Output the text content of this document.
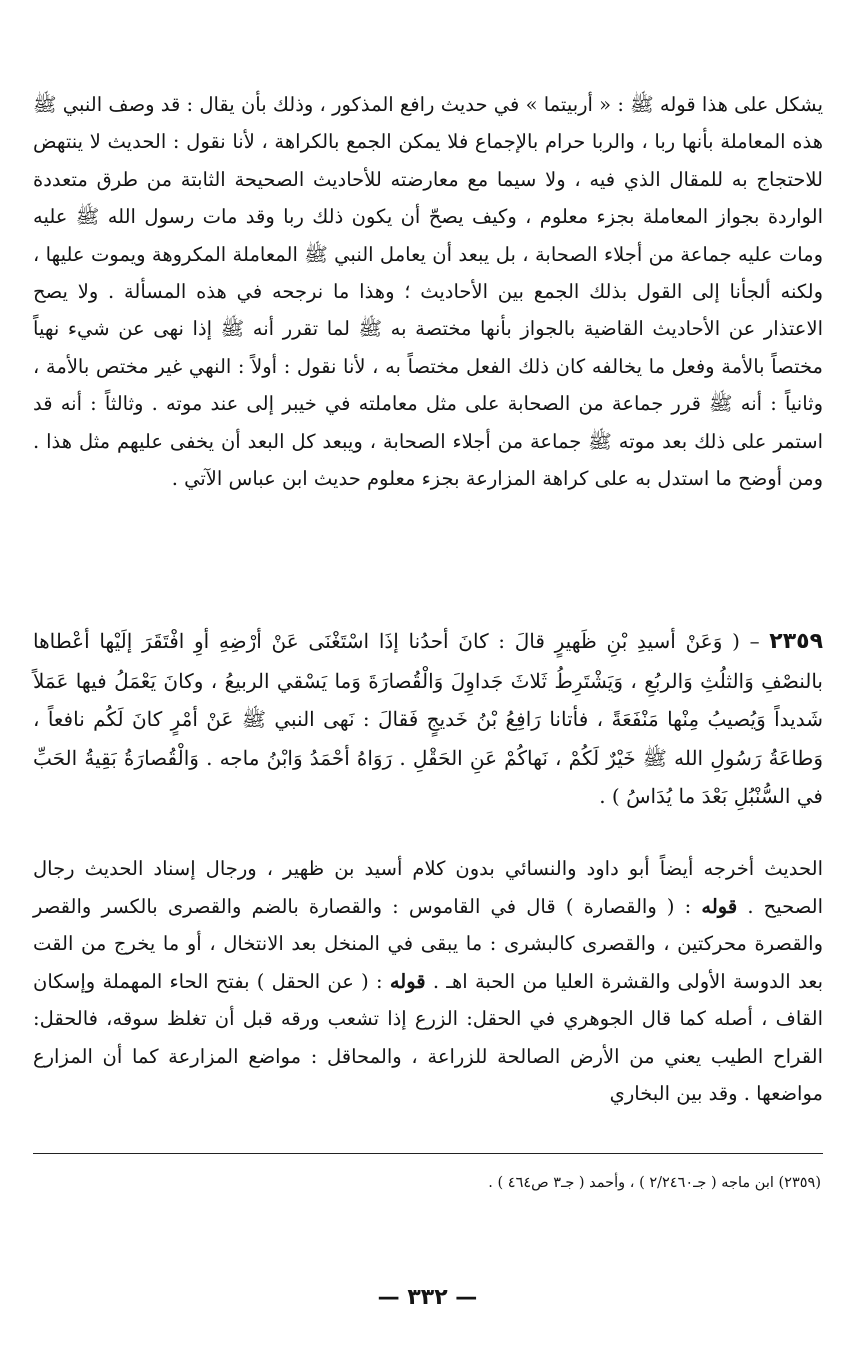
يشكل على هذا قوله ﷺ : « أربيتما » في حديث رافع المذكور ، وذلك بأن يقال : قد وصف النبي ﷺ هذه المعاملة بأنها ربا ، والربا حرام بالإجماع فلا يمكن الجمع بالكراهة ، لأنا نقول : الحديث لا ينتهض للاحتجاج به للمقال الذي فيه ، ولا سيما مع معارضته للأحاديث الصحيحة الثابتة من طرق متعددة الواردة بجواز المعاملة بجزء معلوم ، وكيف يصحّ أن يكون ذلك ربا وقد مات رسول الله ﷺ عليه ومات عليه جماعة من أجلاء الصحابة ، بل يبعد أن يعامل النبي ﷺ المعاملة المكروهة ويموت عليها ، ولكنه ألجأنا إلى القول بذلك الجمع بين الأحاديث ؛ وهذا ما نرجحه في هذه المسألة . ولا يصح الاعتذار عن الأحاديث القاضية بالجواز بأنها مختصة به ﷺ لما تقرر أنه ﷺ إذا نهى عن شيء نهياً مختصاً بالأمة وفعل ما يخالفه كان ذلك الفعل مختصاً به ، لأنا نقول : أولاً : النهي غير مختص بالأمة ، وثانياً : أنه ﷺ قرر جماعة من الصحابة على مثل معاملته في خيبر إلى عند موته . وثالثاً : أنه قد استمر على ذلك بعد موته ﷺ جماعة من أجلاء الصحابة ، ويبعد كل البعد أن يخفى عليهم مثل هذا . ومن أوضح ما استدل به على كراهة المزارعة بجزء معلوم حديث ابن عباس الآتي .

٢٣٥٩ – ( وَعَنْ أسيدِ بْنِ ظَهيرٍ قالَ : كانَ أحدُنا إذَا اسْتَغْنَى عَنْ أرْضِهِ أوِ افْتَقَرَ إلَيْها أعْطاها بالنصْفِ وَالثلُثِ وَالربُعِ ، وَيَشْتَرِطُ ثَلاثَ جَداوِلَ وَالْقُصارَةَ وَما يَسْقي الربيعُ ، وكانَ يَعْمَلُ فيها عَمَلاً شَديداً وَيُصيبُ مِنْها مَنْفَعَةً ، فأتانا رَافِعُ بْنُ خَديجٍ فَقالَ : نَهى النبي ﷺ عَنْ أمْرٍ كانَ لَكُم نافعاً ، وَطاعَةُ رَسُولِ الله ﷺ خَيْرٌ لَكُمْ ، نَهاكُمْ عَنِ الحَقْلِ . رَوَاهُ أحْمَدُ وَابْنُ ماجه . وَالْقُصارَةُ بَقِيةُ الحَبِّ في السُّنْبُلِ بَعْدَ ما يُدَاسُ ) .

الحديث أخرجه أيضاً أبو داود والنسائي بدون كلام أسيد بن ظهير ، ورجال إسناد الحديث رجال الصحيح . قوله : ( والقصارة ) قال في القاموس : والقصارة بالضم والقصرى بالكسر والقصر والقصرة محركتين ، والقصرى كالبشرى : ما يبقى في المنخل بعد الانتخال ، أو ما يخرج من القت بعد الدوسة الأولى والقشرة العليا من الحبة اهـ . قوله : ( عن الحقل ) بفتح الحاء المهملة وإسكان القاف ، أصله كما قال الجوهري في الحقل: الزرع إذا تشعب ورقه قبل أن تغلظ سوقه، فالحقل: القراح الطيب يعني من الأرض الصالحة للزراعة ، والمحاقل : مواضع المزارعة كما أن المزارع مواضعها . وقد بين البخاري

(٢٣٥٩) ابن ماجه ( جـ٢/٢٤٦٠ ) ، وأحمد ( جـ٣ ص٤٦٤ ) .

— ٣٣٢ —
